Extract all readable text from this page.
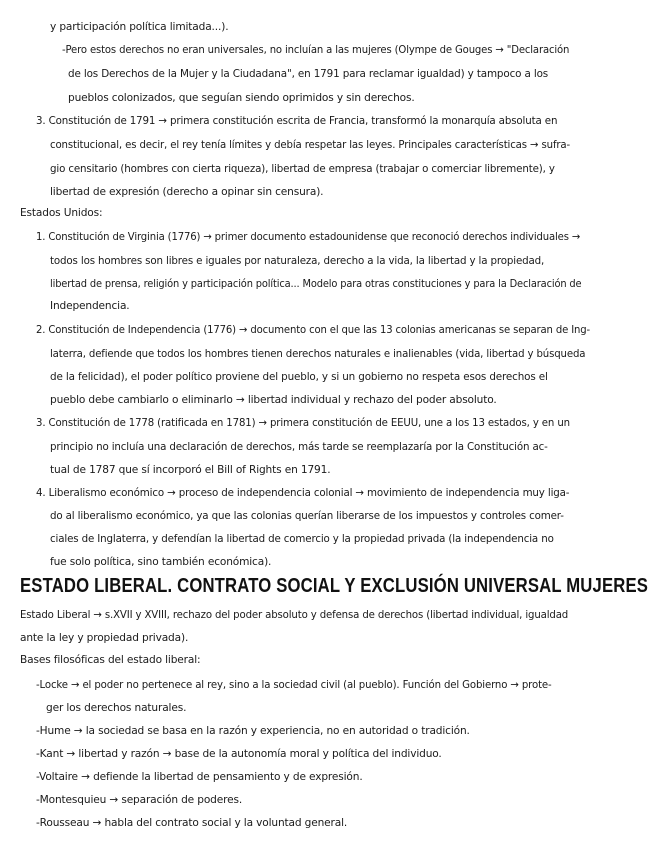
y participación política limitada...).
-Pero estos derechos no eran universales, no incluían a las mujeres (Olympe de Gouges → "Declaración
de los Derechos de la Mujer y la Ciudadana", en 1791 para reclamar igualdad) y tampoco a los
pueblos colonizados, que seguían siendo oprimidos y sin derechos.
3. Constitución de 1791 → primera constitución escrita de Francia, transformó la monarquía absoluta en
constitucional, es decir, el rey tenía límites y debía respetar las leyes. Principales características → sufra-
gio censitario (hombres con cierta riqueza), libertad de empresa (trabajar o comerciar libremente), y
libertad de expresión (derecho a opinar sin censura).
Estados Unidos:
1. Constitución de Virginia (1776) → primer documento estadounidense que reconoció derechos individuales →
todos los hombres son libres e iguales por naturaleza, derecho a la vida, la libertad y la propiedad,
libertad de prensa, religión y participación política... Modelo para otras constituciones y para la Declaración de
Independencia.
2. Constitución de Independencia (1776) → documento con el que las 13 colonias americanas se separan de Ing-
laterra, defiende que todos los hombres tienen derechos naturales e inalienables (vida, libertad y búsqueda
de la felicidad), el poder político proviene del pueblo, y si un gobierno no respeta esos derechos el
pueblo debe cambiarlo o eliminarlo → libertad individual y rechazo del poder absoluto.
3. Constitución de 1778 (ratificada en 1781) → primera constitución de EEUU, une a los 13 estados, y en un
principio no incluía una declaración de derechos, más tarde se reemplazaría por la Constitución ac-
tual de 1787 que sí incorporó el Bill of Rights en 1791.
4. Liberalismo económico → proceso de independencia colonial → movimiento de independencia muy liga-
do al liberalismo económico, ya que las colonias querían liberarse de los impuestos y controles comer-
ciales de Inglaterra, y defendían la libertad de comercio y la propiedad privada (la independencia no
fue solo política, sino también económica).
ESTADO LIBERAL. CONTRATO SOCIAL Y EXCLUSIÓN UNIVERSAL MUJERES
Estado Liberal → s.XVII y XVIII, rechazo del poder absoluto y defensa de derechos (libertad individual, igualdad
ante la ley y propiedad privada).
Bases filosóficas del estado liberal:
-Locke → el poder no pertenece al rey, sino a la sociedad civil (al pueblo). Función del Gobierno → prote-
ger los derechos naturales.
-Hume → la sociedad se basa en la razón y experiencia, no en autoridad o tradición.
-Kant → libertad y razón → base de la autonomía moral y política del individuo.
-Voltaire → defiende la libertad de pensamiento y de expresión.
-Montesquieu → separación de poderes.
-Rousseau → habla del contrato social y la voluntad general.
